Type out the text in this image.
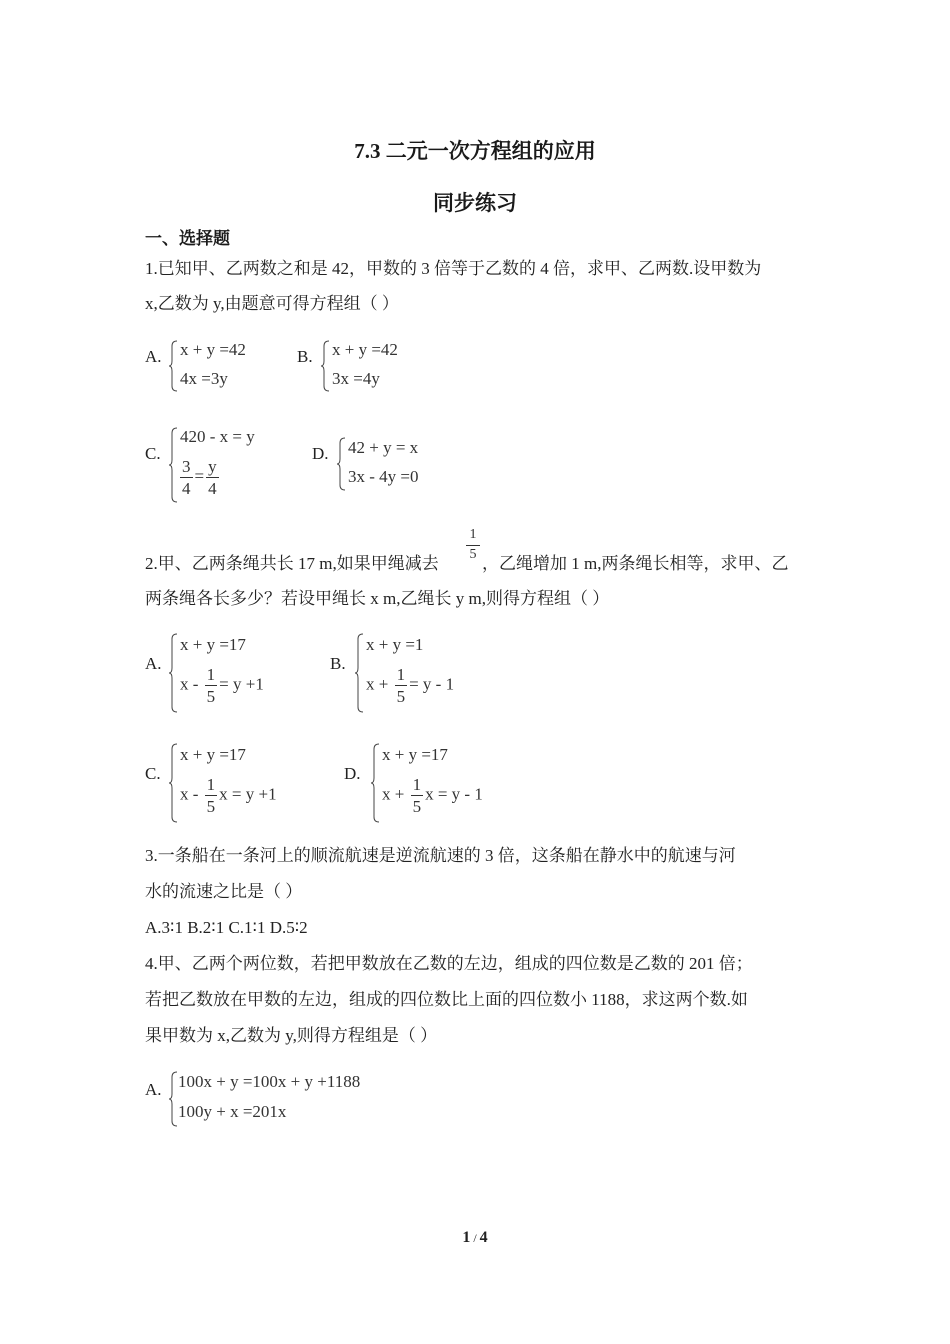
7.3 二元一次方程组的应用
同步练习
一、选择题
1.已知甲、乙两数之和是 42，甲数的 3 倍等于乙数的 4 倍，求甲、乙两数.设甲数为
x,乙数为 y,由题意可得方程组（ ）
A. x + y =42
4x =3y
B. x + y =42
3x =4y
C.
420 - x = y
$\frac{3}{4} = \frac{y}{4}$
D. 42 + y = x
3x - 4y =0
2.甲、乙两条绳共长 17 m,如果甲绳减去
1
5 ，乙绳增加 1 m,两条绳长相等，求甲、乙
两条绳各长多少？若设甲绳长 x m,乙绳长 y m,则得方程组（ ）
A.
x + y =17
$x - \frac{1}{5} = y +1$
B.
x + y =1
$x + \frac{1}{5} = y - 1$
C.
x + y =17
x - $\frac{1}{5}$ x = y +1
D.
x + y =17
$x + \frac{1}{5}$ x = y - 1
3.一条船在一条河上的顺流航速是逆流航速的 3 倍，这条船在静水中的航速与河
水的流速之比是（ ）
A.3∶1 B.2∶1 C.1∶1 D.5∶2
4.甲、乙两个两位数，若把甲数放在乙数的左边，组成的四位数是乙数的 201 倍；
若把乙数放在甲数的左边，组成的四位数比上面的四位数小 1188，求这两个数.如
果甲数为 x,乙数为 y,则得方程组是（ ）
A. 100x + y =100x + y +1188
100y + x =201x
1 / 4
